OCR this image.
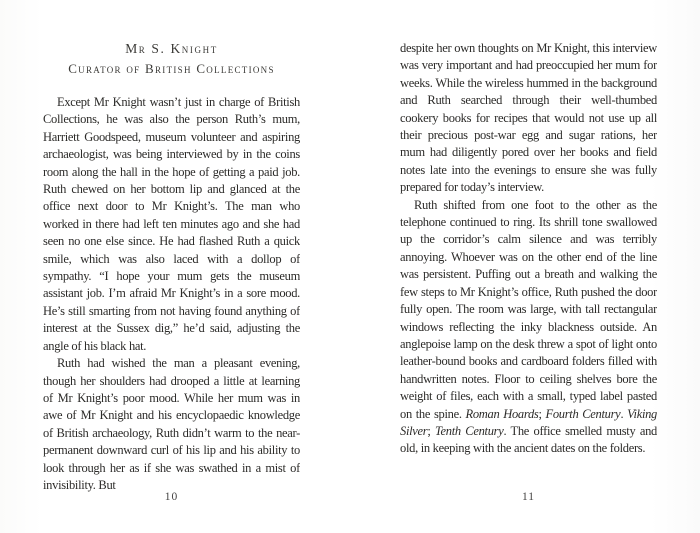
Mr S. Knight
Curator of British Collections

Except Mr Knight wasn’t just in charge of British Collections, he was also the person Ruth’s mum, Harriett Goodspeed, museum volunteer and aspiring archaeologist, was being interviewed by in the coins room along the hall in the hope of getting a paid job. Ruth chewed on her bottom lip and glanced at the office next door to Mr Knight’s. The man who worked in there had left ten minutes ago and she had seen no one else since. He had flashed Ruth a quick smile, which was also laced with a dollop of sympathy. “I hope your mum gets the museum assistant job. I’m afraid Mr Knight’s in a sore mood. He’s still smarting from not having found anything of interest at the Sussex dig,” he’d said, adjusting the angle of his black hat.

Ruth had wished the man a pleasant evening, though her shoulders had drooped a little at learning of Mr Knight’s poor mood. While her mum was in awe of Mr Knight and his encyclopaedic knowledge of British archaeology, Ruth didn’t warm to the near-permanent downward curl of his lip and his ability to look through her as if she was swathed in a mist of invisibility. But

10

despite her own thoughts on Mr Knight, this interview was very important and had preoccupied her mum for weeks. While the wireless hummed in the background and Ruth searched through their well-thumbed cookery books for recipes that would not use up all their precious post-war egg and sugar rations, her mum had diligently pored over her books and field notes late into the evenings to ensure she was fully prepared for today’s interview.

Ruth shifted from one foot to the other as the telephone continued to ring. Its shrill tone swallowed up the corridor’s calm silence and was terribly annoying. Whoever was on the other end of the line was persistent. Puffing out a breath and walking the few steps to Mr Knight’s office, Ruth pushed the door fully open. The room was large, with tall rectangular windows reflecting the inky blackness outside. An anglepoise lamp on the desk threw a spot of light onto leather-bound books and cardboard folders filled with handwritten notes. Floor to ceiling shelves bore the weight of files, each with a small, typed label pasted on the spine. Roman Hoards; Fourth Century. Viking Silver; Tenth Century. The office smelled musty and old, in keeping with the ancient dates on the folders.

11
